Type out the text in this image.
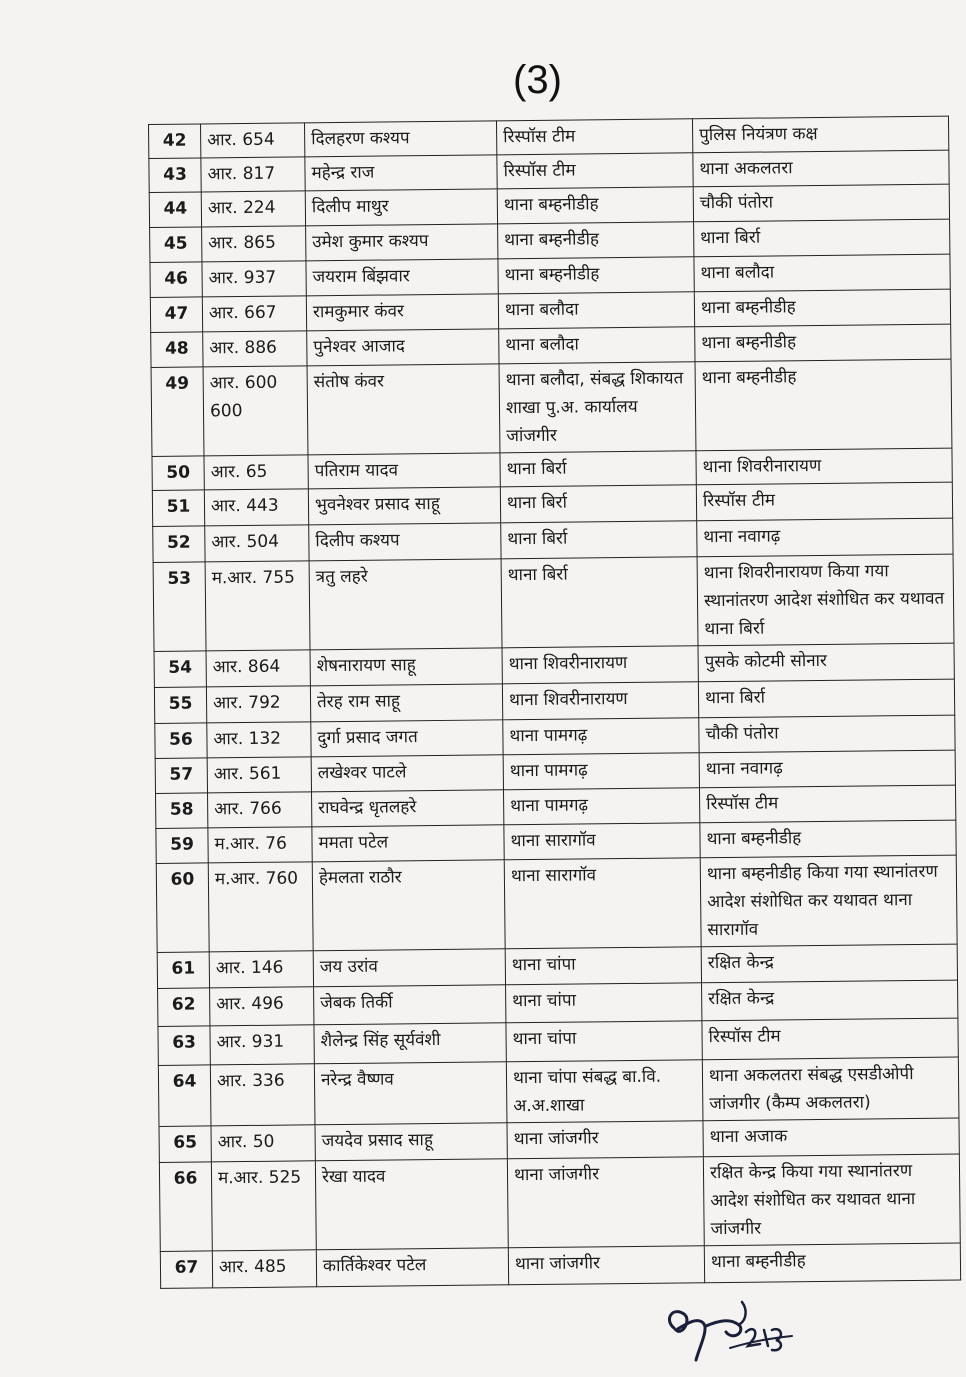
(3)
42	आर. 654	दिलहरण कश्यप	रिस्पॉस टीम	पुलिस नियंत्रण कक्ष
43	आर. 817	महेन्द्र राज	रिस्पॉस टीम	थाना अकलतरा
44	आर. 224	दिलीप माथुर	थाना बम्हनीडीह	चौकी पंतोरा
45	आर. 865	उमेश कुमार कश्यप	थाना बम्हनीडीह	थाना बिर्रा
46	आर. 937	जयराम बिंझवार	थाना बम्हनीडीह	थाना बलौदा
47	आर. 667	रामकुमार कंवर	थाना बलौदा	थाना बम्हनीडीह
48	आर. 886	पुनेश्वर आजाद	थाना बलौदा	थाना बम्हनीडीह
49	आर. 600 600	संतोष कंवर	थाना बलौदा, संबद्ध शिकायत शाखा पु.अ. कार्यालय जांजगीर	थाना बम्हनीडीह
50	आर. 65	पतिराम यादव	थाना बिर्रा	थाना शिवरीनारायण
51	आर. 443	भुवनेश्वर प्रसाद साहू	थाना बिर्रा	रिस्पॉस टीम
52	आर. 504	दिलीप कश्यप	थाना बिर्रा	थाना नवागढ़
53	म.आर. 755	त्रतु लहरे	थाना बिर्रा	थाना शिवरीनारायण किया गया स्थानांतरण आदेश संशोधित कर यथावत थाना बिर्रा
54	आर. 864	शेषनारायण साहू	थाना शिवरीनारायण	पुसके कोटमी सोनार
55	आर. 792	तेरह राम साहू	थाना शिवरीनारायण	थाना बिर्रा
56	आर. 132	दुर्गा प्रसाद जगत	थाना पामगढ़	चौकी पंतोरा
57	आर. 561	लखेश्वर पाटले	थाना पामगढ़	थाना नवागढ़
58	आर. 766	राघवेन्द्र धृतलहरे	थाना पामगढ़	रिस्पॉस टीम
59	म.आर. 76	ममता पटेल	थाना सारागॉव	थाना बम्हनीडीह
60	म.आर. 760	हेमलता राठौर	थाना सारागॉव	थाना बम्हनीडीह किया गया स्थानांतरण आदेश संशोधित कर यथावत थाना सारागॉव
61	आर. 146	जय उरांव	थाना चांपा	रक्षित केन्द्र
62	आर. 496	जेबक तिर्की	थाना चांपा	रक्षित केन्द्र
63	आर. 931	शैलेन्द्र सिंह सूर्यवंशी	थाना चांपा	रिस्पॉस टीम
64	आर. 336	नरेन्द्र वैष्णव	थाना चांपा संबद्ध बा.वि. अ.अ.शाखा	थाना अकलतरा संबद्ध एसडीओपी जांजगीर (कैम्प अकलतरा)
65	आर. 50	जयदेव प्रसाद साहू	थाना जांजगीर	थाना अजाक
66	म.आर. 525	रेखा यादव	थाना जांजगीर	रक्षित केन्द्र किया गया स्थानांतरण आदेश संशोधित कर यथावत थाना जांजगीर
67	आर. 485	कार्तिकेश्वर पटेल	थाना जांजगीर	थाना बम्हनीडीह
